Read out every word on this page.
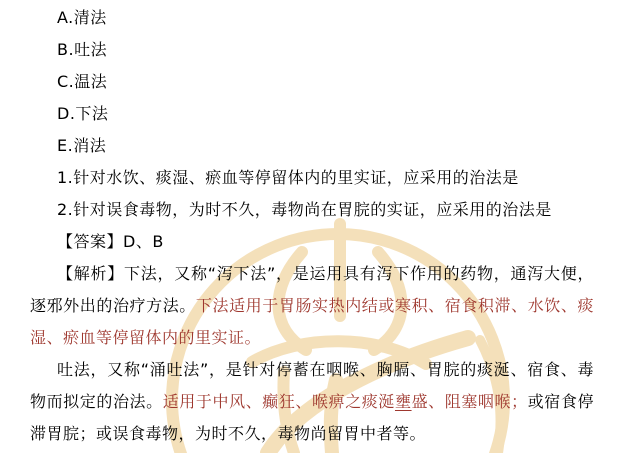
A.清法
B.吐法
C.温法
D.下法
E.消法
1.针对水饮、痰湿、瘀血等停留体内的里实证，应采用的治法是
2.针对误食毒物，为时不久，毒物尚在胃脘的实证，应采用的治法是
【答案】D、B

【解析】下法，又称“泻下法”，是运用具有泻下作用的药物，通泻大便，逐邪外出的治疗方法。下法适用于胃肠实热内结或寒积、宿食积滞、水饮、痰湿、瘀血等停留体内的里实证。

吐法，又称“涌吐法”，是针对停蓄在咽喉、胸膈、胃脘的痰涎、宿食、毒物而拟定的治法。适用于中风、癫狂、喉痹之痰涎壅盛、阻塞咽喉；或宿食停滞胃脘；或误食毒物，为时不久，毒物尚留胃中者等。
